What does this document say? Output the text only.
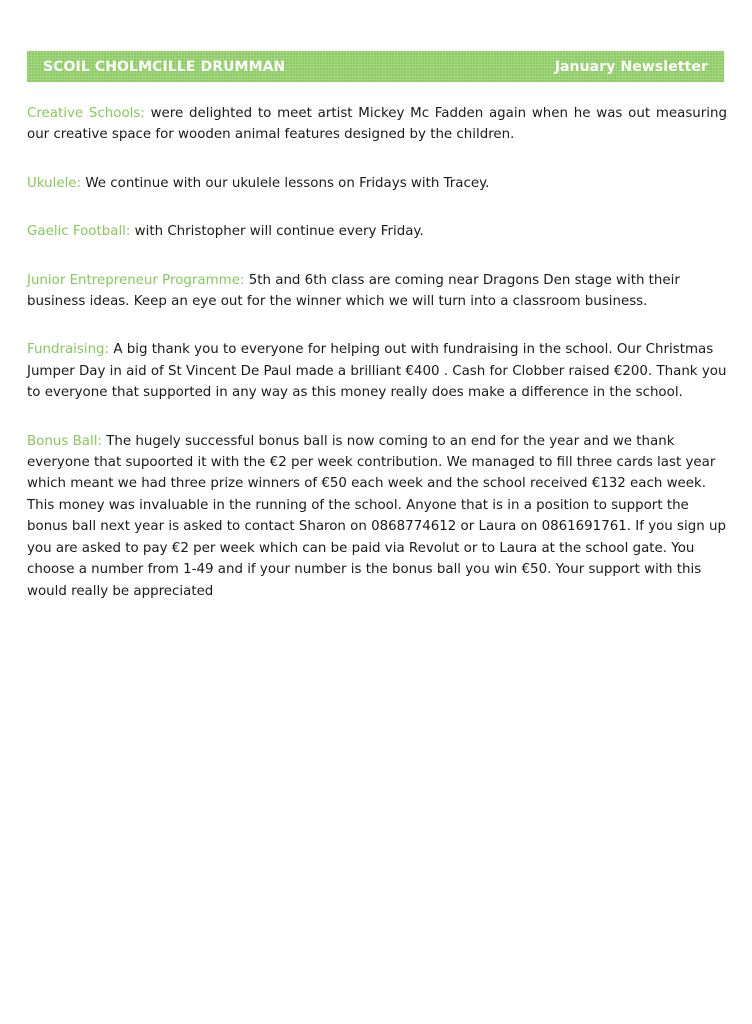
SCOIL CHOLMCILLE DRUMMAN	January Newsletter

Creative Schools: were delighted to meet artist Mickey Mc Fadden again when he was out measuring our creative space for wooden animal features designed by the children.

Ukulele: We continue with our ukulele lessons on Fridays with Tracey.

Gaelic Football: with Christopher will continue every Friday.

Junior Entrepreneur Programme: 5th and 6th class are coming near Dragons Den stage with their business ideas. Keep an eye out for the winner which we will turn into a classroom business.

Fundraising: A big thank you to everyone for helping out with fundraising in the school. Our Christmas Jumper Day in aid of St Vincent De Paul made a brilliant €400 . Cash for Clobber raised €200. Thank you to everyone that supported in any way as this money really does make a difference in the school.

Bonus Ball: The hugely successful bonus ball is now coming to an end for the year and we thank everyone that supoorted it with the €2 per week contribution. We managed to fill three cards last year which meant we had three prize winners of €50 each week and the school received €132 each week. This money was invaluable in the running of the school. Anyone that is in a position to support the bonus ball next year is asked to contact Sharon on 0868774612 or Laura on 0861691761. If you sign up you are asked to pay €2 per week which can be paid via Revolut or to Laura at the school gate. You choose a number from 1-49 and if your number is the bonus ball you win €50. Your support with this would really be appreciated
